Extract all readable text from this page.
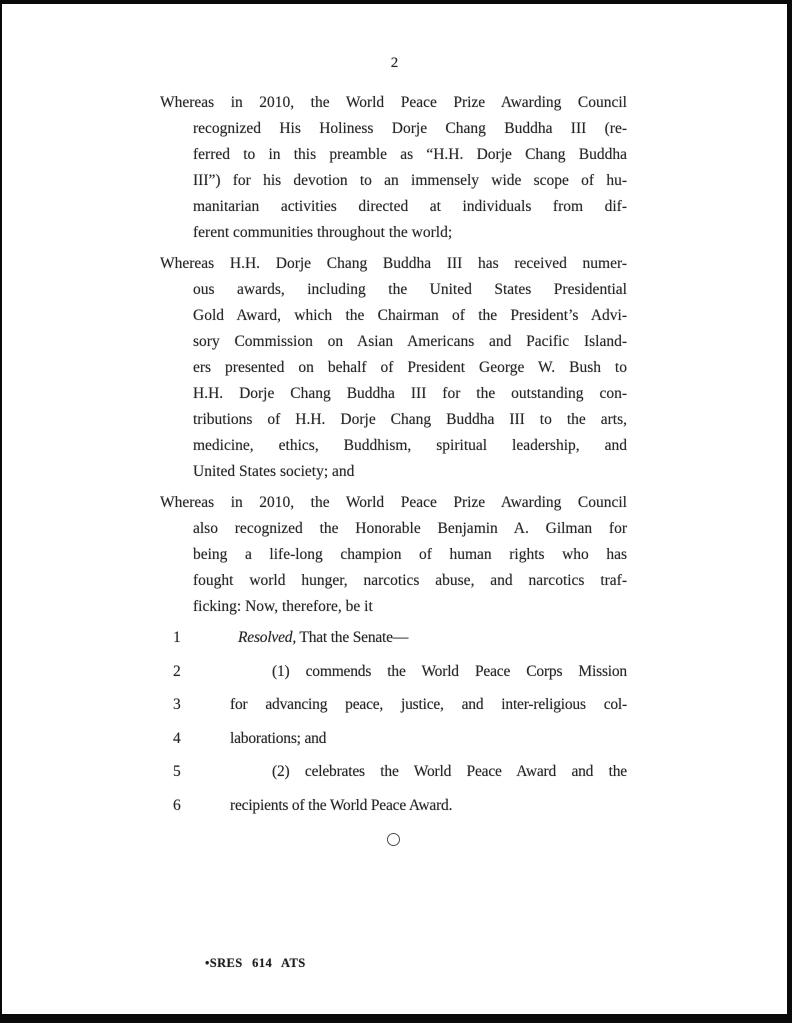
2
Whereas in 2010, the World Peace Prize Awarding Council
recognized His Holiness Dorje Chang Buddha III (re-
ferred to in this preamble as “H.H. Dorje Chang Buddha
III”) for his devotion to an immensely wide scope of hu-
manitarian activities directed at individuals from dif-
ferent communities throughout the world;
Whereas H.H. Dorje Chang Buddha III has received numer-
ous awards, including the United States Presidential
Gold Award, which the Chairman of the President’s Advi-
sory Commission on Asian Americans and Pacific Island-
ers presented on behalf of President George W. Bush to
H.H. Dorje Chang Buddha III for the outstanding con-
tributions of H.H. Dorje Chang Buddha III to the arts,
medicine, ethics, Buddhism, spiritual leadership, and
United States society; and
Whereas in 2010, the World Peace Prize Awarding Council
also recognized the Honorable Benjamin A. Gilman for
being a life-long champion of human rights who has
fought world hunger, narcotics abuse, and narcotics traf-
ficking: Now, therefore, be it
1	Resolved, That the Senate—
2	(1) commends the World Peace Corps Mission
3	for advancing peace, justice, and inter-religious col-
4	laborations; and
5	(2) celebrates the World Peace Award and the
6	recipients of the World Peace Award.
•SRES 614 ATS
